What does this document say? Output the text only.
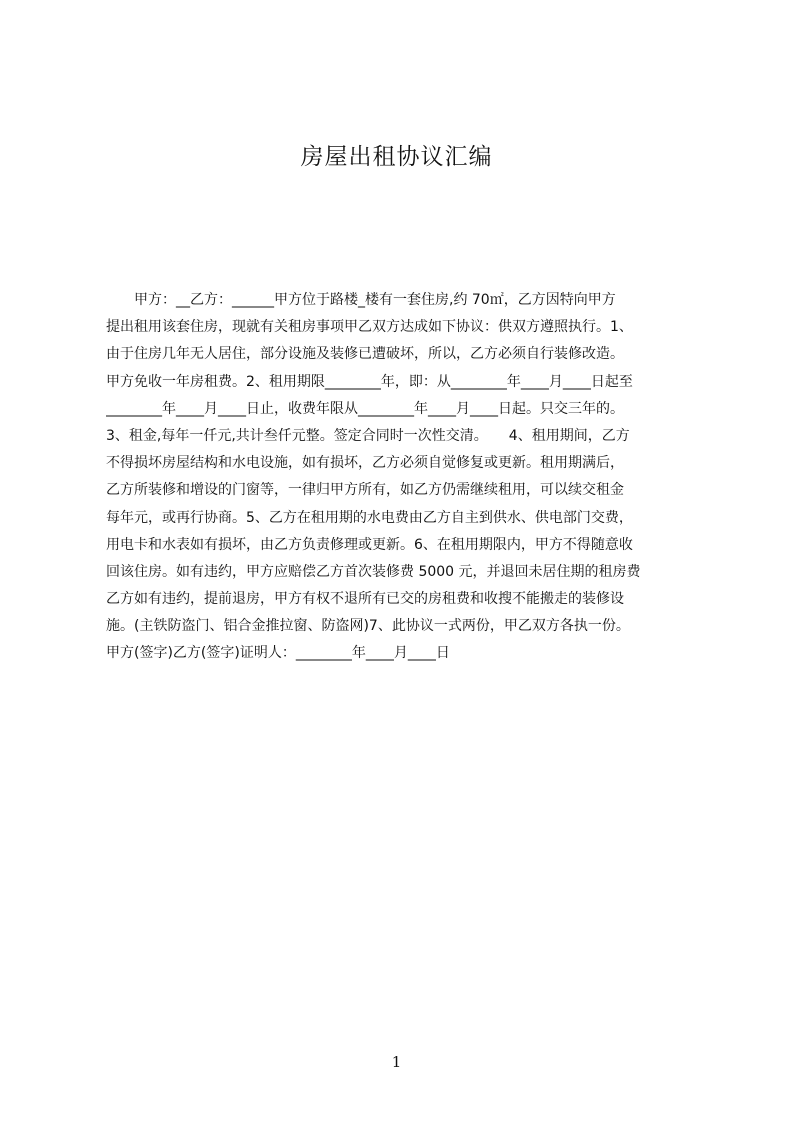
房屋出租协议汇编
　　甲方：__乙方：______甲方位于路楼_楼有一套住房,约 70㎡，乙方因特向甲方
提出租用该套住房，现就有关租房事项甲乙双方达成如下协议：供双方遵照执行。1、
由于住房几年无人居住，部分设施及装修已遭破坏，所以，乙方必须自行装修改造。
甲方免收一年房租费。2、租用期限________年，即：从________年____月____日起至
________年____月____日止，收费年限从________年____月____日起。只交三年的。
3、租金,每年一仟元,共计叁仟元整。签定合同时一次性交清。　　4、租用期间，乙方
不得损坏房屋结构和水电设施，如有损坏，乙方必须自觉修复或更新。租用期满后，
乙方所装修和增设的门窗等，一律归甲方所有，如乙方仍需继续租用，可以续交租金
每年元，或再行协商。5、乙方在租用期的水电费由乙方自主到供水、供电部门交费，
用电卡和水表如有损坏，由乙方负责修理或更新。6、在租用期限内，甲方不得随意收
回该住房。如有违约，甲方应赔偿乙方首次装修费 5000 元，并退回未居住期的租房费
乙方如有违约，提前退房，甲方有权不退所有已交的房租费和收搜不能搬走的装修设
施。(主铁防盗门、铝合金推拉窗、防盗网)7、此协议一式两份，甲乙双方各执一份。
甲方(签字)乙方(签字)证明人：________年____月____日
1
